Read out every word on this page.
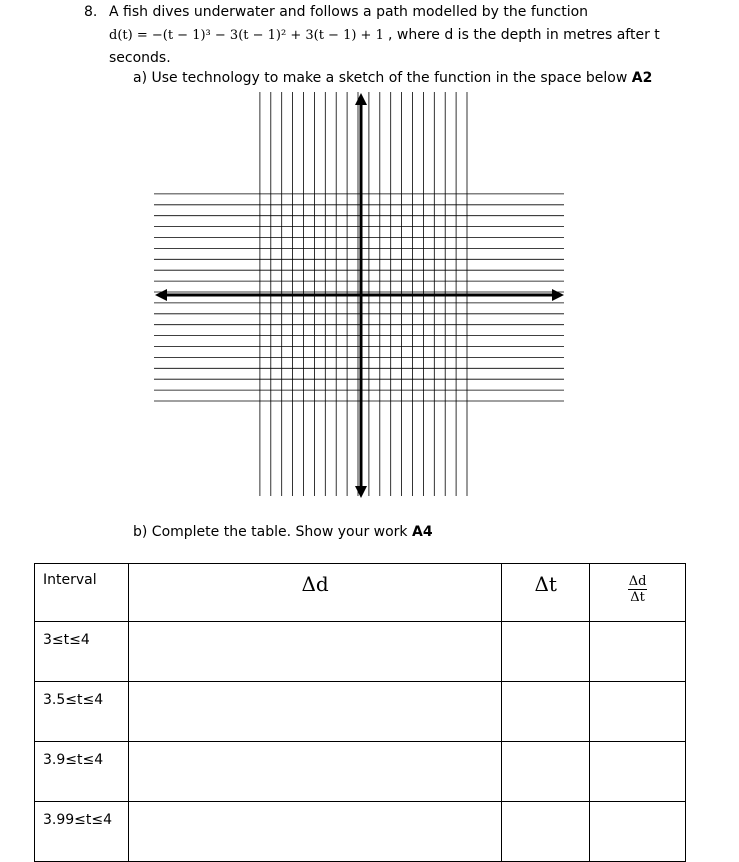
8. A fish dives underwater and follows a path modelled by the function
d(t) = −(t − 1)³ − 3(t − 1)² + 3(t − 1) + 1 , where d is the depth in metres after t
seconds.
a) Use technology to make a sketch of the function in the space below A2
b) Complete the table. Show your work A4
Interval	Δd	Δt	$\frac{\Delta d}{\Delta t}$

3≤t≤4			
3.5≤t≤4			
3.9≤t≤4			
3.99≤t≤4			
